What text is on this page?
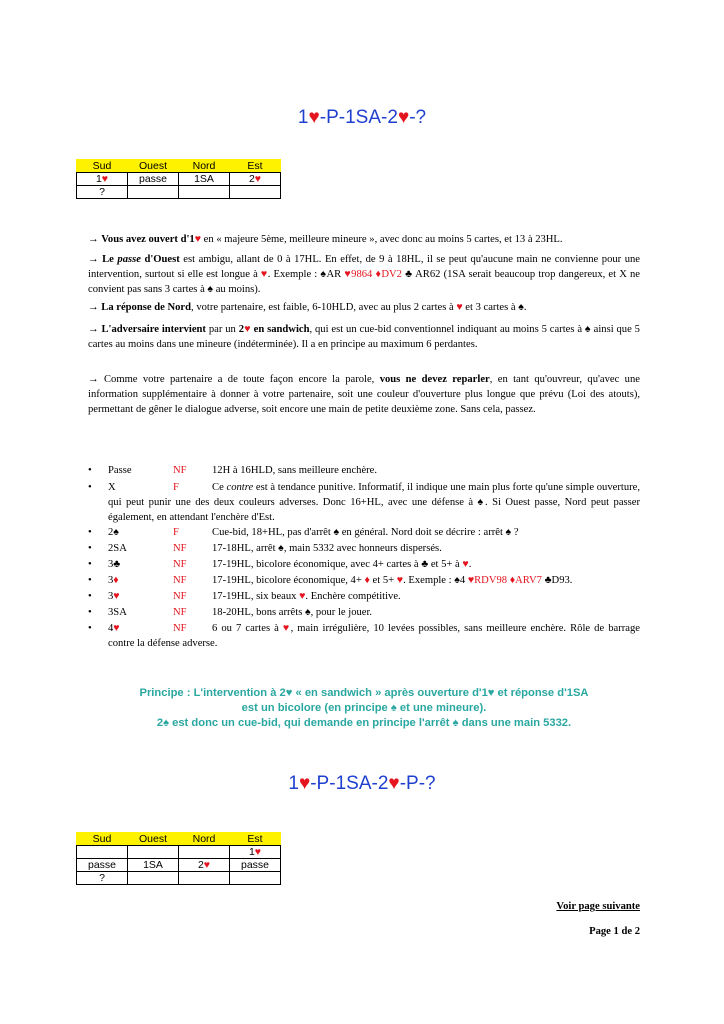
1♥-P-1SA-2♥-?
Sud	Ouest	Nord	Est
1♥	passe	1SA	2♥
?			
→ Vous avez ouvert d'1♥ en « majeure 5ème, meilleure mineure », avec donc au moins 5 cartes, et 13 à 23HL.
→ Le passe d'Ouest est ambigu, allant de 0 à 17HL. En effet, de 9 à 18HL, il se peut qu'aucune main ne convienne pour une intervention, surtout si elle est longue à ♥. Exemple : ♠AR ♥9864 ♦DV2 ♣ AR62 (1SA serait beaucoup trop dangereux, et X ne convient pas sans 3 cartes à ♠ au moins).
→ La réponse de Nord, votre partenaire, est faible, 6-10HLD, avec au plus 2 cartes à ♥ et 3 cartes à ♠.
→ L'adversaire intervient par un 2♥ en sandwich, qui est un cue-bid conventionnel indiquant au moins 5 cartes à ♠ ainsi que 5 cartes au moins dans une mineure (indéterminée). Il a en principe au maximum 6 perdantes.
→ Comme votre partenaire a de toute façon encore la parole, vous ne devez reparler, en tant qu'ouvreur, qu'avec une information supplémentaire à donner à votre partenaire, soit une couleur d'ouverture plus longue que prévu (Loi des atouts), permettant de gêner le dialogue adverse, soit encore une main de petite deuxième zone. Sans cela, passez.
• Passe	NF	12H à 16HLD, sans meilleure enchère.
• X	F	Ce contre est à tendance punitive. Informatif, il indique une main plus forte qu'une simple ouverture, qui peut punir une des deux couleurs adverses. Donc 16+HL, avec une défense à ♠. Si Ouest passe, Nord peut passer également, en attendant l'enchère d'Est.
• 2♠	F	Cue-bid, 18+HL, pas d'arrêt ♠ en général. Nord doit se décrire : arrêt ♠ ?
• 2SA	NF	17-18HL, arrêt ♠, main 5332 avec honneurs dispersés.
• 3♣	NF	17-19HL, bicolore économique, avec 4+ cartes à ♣ et 5+ à ♥.
• 3♦	NF	17-19HL, bicolore économique, 4+ ♦ et 5+ ♥. Exemple : ♠4 ♥RDV98 ♦ARV7 ♣D93.
• 3♥	NF	17-19HL, six beaux ♥. Enchère compétitive.
• 3SA	NF	18-20HL, bons arrêts ♠, pour le jouer.
• 4♥	NF	6 ou 7 cartes à ♥, main irrégulière, 10 levées possibles, sans meilleure enchère. Rôle de barrage contre la défense adverse.
Principe : L'intervention à 2♥ « en sandwich » après ouverture d'1♥ et réponse d'1SA
est un bicolore (en principe ♠ et une mineure).
2♠ est donc un cue-bid, qui demande en principe l'arrêt ♠ dans une main 5332.
1♥-P-1SA-2♥-P-?
Sud	Ouest	Nord	Est
			1♥
passe	1SA	2♥	passe
?			
Voir page suivante
Page 1 de 2
